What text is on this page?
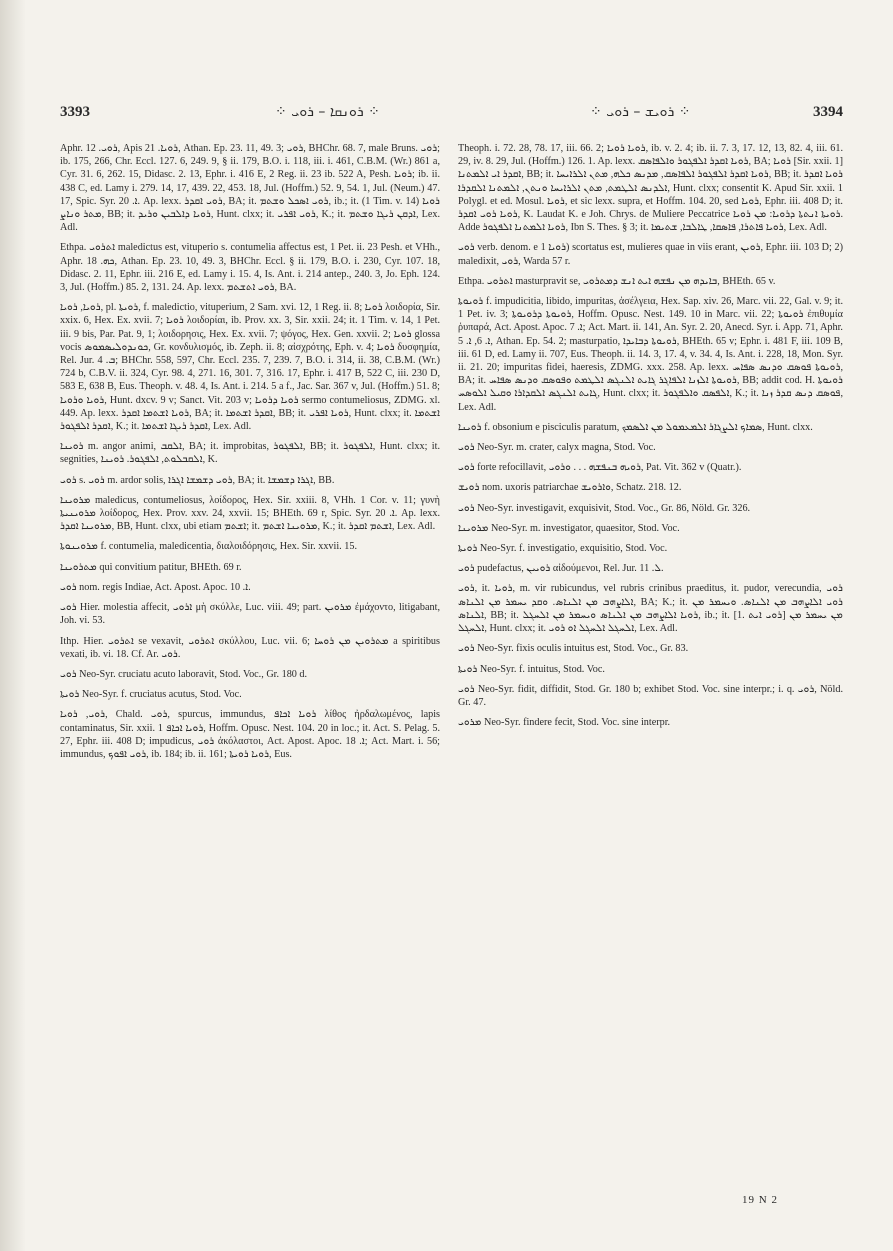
3393	⁘ ܪܘܢܩܐ – ܪܘܝ ⁘	⁘ ܪܘܝܫ – ܪܘܝ ⁘	3394

Aphr. ܪܘܝ. 12, Apis ܪܘܝܐ. 21, Athan. Ep. 23. 11, 49. 3; ܪܘܝ, BHChr. 68. 7, male Bruns. ܪܘܝ; ib. 175, 266, Chr. Eccl. 127. 6, 249. 9, § ii. 179, B.O. i. 118, iii. i. 461, C.B.M. (Wr.) 861 a, Cyr. 31. 6, 262. 15, Didasc. 2. 13, Ephr. i. 416 E, 2 Reg. ii. 23 ib. 522 A, Pesh. ܪܘܝܐ; ib. ii. 438 C, ed. Lamy i. 279. 14, 17, 439. 22, 453. 18, Jul. (Hoffm.) 52. 9, 54. 1, Jul. (Neum.) 47. 17, Spic. Syr. ܐ. 20. Ap. lexx. ܪܘܝ ܐܩܕܪ, BA; it. ܪܘܝ ܐܣܟܠ ܘܫܬܡ, ib.; it. (1 Tim. v. 14) ܪܘܝܐ ܡܬܪ ܘܢܐܨ, BB; it. ܪܘܝܐ ܕܐܠܒܝܢ ܘܪܝܕ, Hunt. clxx; it. ܪܘܝ ܐܦܪܝ, K.; it. ܐܕܩܢ ܪܝܓܐ ܘܫܬܡ, Lex. Adl.

Ethpa. ܐܬܪܘܝ maledictus est, vituperio s. contumelia affectus est, 1 Pet. ii. 23 Pesh. et VHh., Aphr. ܟܗ. 18, Athan. Ep. 23. 10, 49. 3, BHChr. Eccl. § ii. 179, B.O. i. 230, Cyr. 107. 18, Didasc. 2. 11, Ephr. iii. 216 E, ed. Lamy i. 15. 4, Is. Ant. i. 214 antep., 240. 3, Jo. Eph. 124. 3, Jul. (Hoffm.) 85. 2, 131. 24. Ap. lexx. ܪܘܝ ܐܬܫܬܡ, BA.

ܪܘܝܐ, ܪܘܝܐ, pl. ܪܘܝܬܐ, f. maledictio, vituperium, 2 Sam. xvi. 12, 1 Reg. ii. 8; ܪܘܝܐ λοιδορία, Sir. xxix. 6, Hex. Ex. xvii. 7; ܪܘܝܐ λοιδορίαι, ib. Prov. xx. 3, Sir. xxii. 24; it. 1 Tim. v. 14, 1 Pet. iii. 9 bis, Par. Pat. 9, 1; λοιδορησις, Hex. Ex. xvii. 7; ψόγος, Hex. Gen. xxvii. 2; ܪܘܝܐ glossa vocis ܟܘܢܕܘܠܝܣܡܘܣ, Gr. κονδυλισμός, ib. Zeph. ii. 8; αἰσχρότης, Eph. v. 4; ܪܘܝܐ δυσφημία, Rel. Jur. ܒ. 4; BHChr. 558, 597, Chr. Eccl. 235. 7, 239. 7, B.O. i. 314, ii. 38, C.B.M. (Wr.) 724 b, C.B.V. ii. 324, Cyr. 98. 4, 271. 16, 301. 7, 316. 17, Ephr. i. 417 B, 522 C, iii. 230 D, 583 E, 638 B, Eus. Theoph. v. 48. 4, Is. Ant. i. 214. 5 a f., Jac. Sar. 367 v, Jul. (Hoffm.) 51. 8; ܪܘܝܐ ܘܪܘܝܐ, Hunt. dxcv. 9 v; Sanct. Vit. 203 v; ܪܘܝܐ ܕܪܘܝܐ sermo contumeliosus, ZDMG. xl. 449. Ap. lexx. ܪܘܝܐ ܐܫܬܡܐ ܐܩܕܪ, BA; it. ܐܩܕܪ ܐܫܬܡܐ, BB; it. ܪܘܝܐ ܐܦܪܝ, Hunt. clxx; it. ܐܫܬܡܐ ܐܩܕܪ ܐܠܦܓܘܪ, K.; it. ܐܩܕܪ ܪܝܓܐ ܐܫܬܡܐ, Lex. Adl.

ܪܘܝܢܐ m. angor animi, ܐܠܩܒ, BA; it. improbitas, ܐܠܦܓܘܪ, BB; it. ܐܠܦܓܘܪ, Hunt. clxx; it. segnities, ܐܠܩܒܠܘܬ, ܐܠܦܓܘܪ. ܪܘܝܢܐ, K.

ܪܘܝ s. ܪܘܝ m. ardor solis, ܪܘܝ ܕܫܡܫܐ ܐܓܪܐ, BA; it. ܐܓܪܐ ܕܫܡܫܐ, BB.

ܡܪܘܝܢܐ maledicus, contumeliosus, λοίδορος, Hex. Sir. xxiii. 8, VHh. 1 Cor. v. 11; γυνὴ ܡܪܘܝܢܝܬܐ λοίδορος, Hex. Prov. xxv. 24, xxvii. 15; BHEth. 69 r, Spic. Syr. ܐ. 20. Ap. lexx. ܡܪܘܝܢܐ ܐܩܕܪ, BB, Hunt. clxx, ubi etiam ܐܫܬܡ; it. ܡܪܘܝܢܐ ܐܫܬܡ, K.; it. ܐܫܬܡ ܐܩܕܪ, Lex. Adl.

ܡܪܘܝܢܘܬܐ f. contumelia, maledicentia, διαλοιδόρησις, Hex. Sir. xxvii. 15.

ܡܬܪܘܝܢܐ qui convitium patitur, BHEth. 69 r.

ܪܘܝ nom. regis Indiae, Act. Apost. Apoc. ܐ. 10.

ܪܘܝ Hier. molestia affecit, ܐܪܘܝ μὴ σκύλλε, Luc. viii. 49; part. ܡܪܘܝܢ ἐμάχοντο, litigabant, Joh. vi. 53.

Ithp. Hier. ܐܬܪܘܝ se vexavit, ܐܬܪܘܝ σκύλλου, Luc. vii. 6; ܡܬܪܘܝܢ ܡܢ ܪܘܚܐ a spiritibus vexati, ib. vi. 18. Cf. Ar. ܪܘܝ.

ܪܘܝ Neo-Syr. cruciatu acuto laboravit, Stod. Voc., Gr. 180 d.

ܪܘܝܬܐ Neo-Syr. f. cruciatus acutus, Stod. Voc.

ܪܘܝ, ܪܘܝܐ, Chald. ܪܘܝ, spurcus, immundus, ܪܘܝܐ ܐܟܐܦ λίθος ἠρδαλωμένος, lapis contaminatus, Sir. xxii. 1 ܪܘܝܐ ܐܟܐܦ, Hoffm. Opusc. Nest. 104. 20 in loc.; it. Act. S. Pelag. 5. 27, Ephr. iii. 408 D; impudicus, ܪܘܝ ἀκόλαστοι, Act. Apost. Apoc. ܐ. 18; Act. Mart. i. 56; immundus, ܪܘܝ ܐܦܘܟ, ib. 184; ib. ii. 161; ܪܘܝܐ ܪܘܝܬܐ, Eus.

Theoph. i. 72. 28, 78. 17, iii. 66. 2; ܪܘܝܐ ܪܘܝܐ, ib. v. 2. 4; ib. ii. 7. 3, 17. 12, 13, 82. 4, iii. 61. 29, iv. 8. 29, Jul. (Hoffm.) 126. 1. Ap. lexx. ܪܘܝܐ ܐܩܕܪ ܐܠܦܓܘܪ ܘܐܠܦܐܣܩ, BA; ܪܘܝܐ [Sir. xxii. 1] ܐܩܕܪ ܐܝ ܐܠܡܬܢܐ, BB; it. ܪܘܝܐ ܐܩܕܪ ܐܠܦܓܘܪ ܐܠܦܐܣܩ, ܡܕܢܣ ܟܠܗ, ܡܬܢ ܐܠܪܐܝܚܐ, BB; it. ܪܘܝܐ ܐܩܕܪ ܐܠܕܢܣ ܐܠܛܡܬ, ܡܬܢ ܐܠܪܐܝܚܐ ܘܢܬܢ, ܐܠܡܬܢܐ ܐܠܩܕܪܐ, Hunt. clxx; consentit K. Apud Sir. xxii. 1 Polygl. et ed. Mosul. ܪܘܝܐ, et sic lexx. supra, et Hoffm. 104. 20, sed ܪܘܝܐ, Ephr. iii. 408 D; it. ܪܘܝܐ ܪܘܝ ܐܩܕܪ, K. Laudat K. e Joh. Chrys. de Muliere Peccatrice ܪܘܝܬܐ ܐܢܬܬܐ ܕܪܘܝܐ: ܡܢ ܪܘܝܐ. Adde ܪܘܝܐ ܐܠܡܬܢܐ ܐܠܦܓܘܪ, Ibn S. Thes. § 3; it. ܪܘܝܐ ܦܐܬܪܐ, ܦܐܣܩܐ, ܛܐܠܒܐ, ܫܬܝܡܐ, Lex. Adl.

ܪܘܝ verb. denom. e ܪܘܝܐ 1) scortatus est, mulieres quae in viis erant, ܪܘܝܢ, Ephr. iii. 103 D; 2) maledixit, ܪܘܝ, Warda 57 r.

Ethpa. ܐܬܪܘܝ masturpravit se, ܒܐܝܕܗ ܡܢ ܢܦܫܗ ܐܝܬ ܐܢܫ ܕܡܬܪܘܝ, BHEth. 65 v.

ܪܘܝܘܬܐ f. impudicitia, libido, impuritas, ἀσέλγεια, Hex. Sap. xiv. 26, Marc. vii. 22, Gal. v. 9; it. 1 Pet. iv. 3; ܪܘܝܘܬܐ ܕܪܘܝܘܬܐ, Hoffm. Opusc. Nest. 149. 10 in Marc. vii. 22; ܪܘܝܘܬܐ ἐπιθυμία ῥυπαρά, Act. Apost. Apoc. ܐ. 7; Act. Mart. ii. 141, An. Syr. 2. 20, Anecd. Syr. i. App. 71, Aphr. ܐ. 6, ܐ. 5, Athan. Ep. 54. 2; masturpatio, ܪܘܝܘܬܐ ܕܒܐܝܕܐ, BHEth. 65 v; Ephr. i. 481 F, iii. 109 B, iii. 61 D, ed. Lamy ii. 707, Eus. Theoph. ii. 14. 3, 17. 4, v. 34. 4, Is. Ant. i. 228, 18, Mon. Syr. ii. 21. 20; impuritas fidei, haeresis, ZDMG. xxx. 258. Ap. lexx. ܪܘܝܘܬܐ ܦܘܣܩ ܘܕܢܣ ܣܦܐܚ, BA; it. ܪܘܝܘܬܐ ܐܠܙܢܐ ܐܠܦܐܓܪ ܓܐܝܬ ܐܠܢܓܣ ܐܠܛܡܬ ܘܦܘܣܩ ܘܕܢܣ ܣܦܐܚ, BB; addit cod. H. ܪܘܝܘܬܐ ܓܐܝܬ ܐܠܢܓܣ ܐܠܩܕܐܪܐ ܘܩܝܠ ܐܠܘܣܚ, Hunt. clxx; it. ܐܠܦܣܩ ܘܐܠܦܓܘܪ, K.; it. ܦܘܣܩ ܕܢܣ ܩܕܪ ܙܢܐ, Lex. Adl.

ܪܘܝܢܐ f. obsonium e pisciculis paratum, ܣܡܐܟ ܐܠܨܓܐܪ ܐܠܡܥܡܘܠ ܡܢ ܐܠܣܡܟ, Hunt. clxx.

ܪܘܝ Neo-Syr. m. crater, calyx magna, Stod. Voc.

ܪܘܝ forte refocillavit, ܪܘܝܗ ܒܢܦܫܗ . . . ܘܪܘܝ, Pat. Vit. 362 v (Quatr.).

ܪܘܝܫ nom. uxoris patriarchae ܘܐܪܘܝܫ, Schatz. 218. 12.

ܪܘܝ Neo-Syr. investigavit, exquisivit, Stod. Voc., Gr. 86, Nöld. Gr. 326.

ܡܪܘܝܢܐ Neo-Syr. m. investigator, quaesitor, Stod. Voc.

ܪܘܝܬܐ Neo-Syr. f. investigatio, exquisitio, Stod. Voc.

ܪܘܝ pudefactus, ܪܘܝܝܢ αἰδούμενοι, Rel. Jur. ܠ. 11.

ܪܘܝ, it. ܪܘܝܐ, m. vir rubicundus, vel rubris crinibus praeditus, it. pudor, verecundia, ܪܘܝ ܐܠܐܨܗܒ ܡܢ ܐܠܢܐܣ. ܘܩܕ ܝܚܡܪ ܡܢ ܐܠܢܐܣ, BA; K.; it. ܪܘܝ ܐܠܐܨܗܒ ܡܢ ܐܠܢܐܣ. ܘܝܚܡܪ ܡܢ ܐܠܢܐܣ, BB; it. ܪܘܝܐ ܐܠܐܨܗܒ ܡܢ ܐܠܢܐܣ ܘܝܚܡܪ ܡܢ ܐܠܚܓܠ, ib.; it. [1. ܪܘܝ ܐܝܬ] ܡܢ ܝܚܡܪ ܡܢ ܐܠܚܓܠ, Hunt. clxx; it. ܐܠܚܓܠ ܐܠܚܓܠ ܐܘ ܪܘܝ, Lex. Adl.

ܪܘܝ Neo-Syr. fixis oculis intuitus est, Stod. Voc., Gr. 83.

ܪܘܝܬܐ Neo-Syr. f. intuitus, Stod. Voc.

ܪܘܝ Neo-Syr. fidit, diffidit, Stod. Gr. 180 b; exhibet Stod. Voc. sine interpr.; i. q. ܪܘܝ, Nöld. Gr. 47.

ܡܪܘܝ Neo-Syr. findere fecit, Stod. Voc. sine interpr.

19 N 2
